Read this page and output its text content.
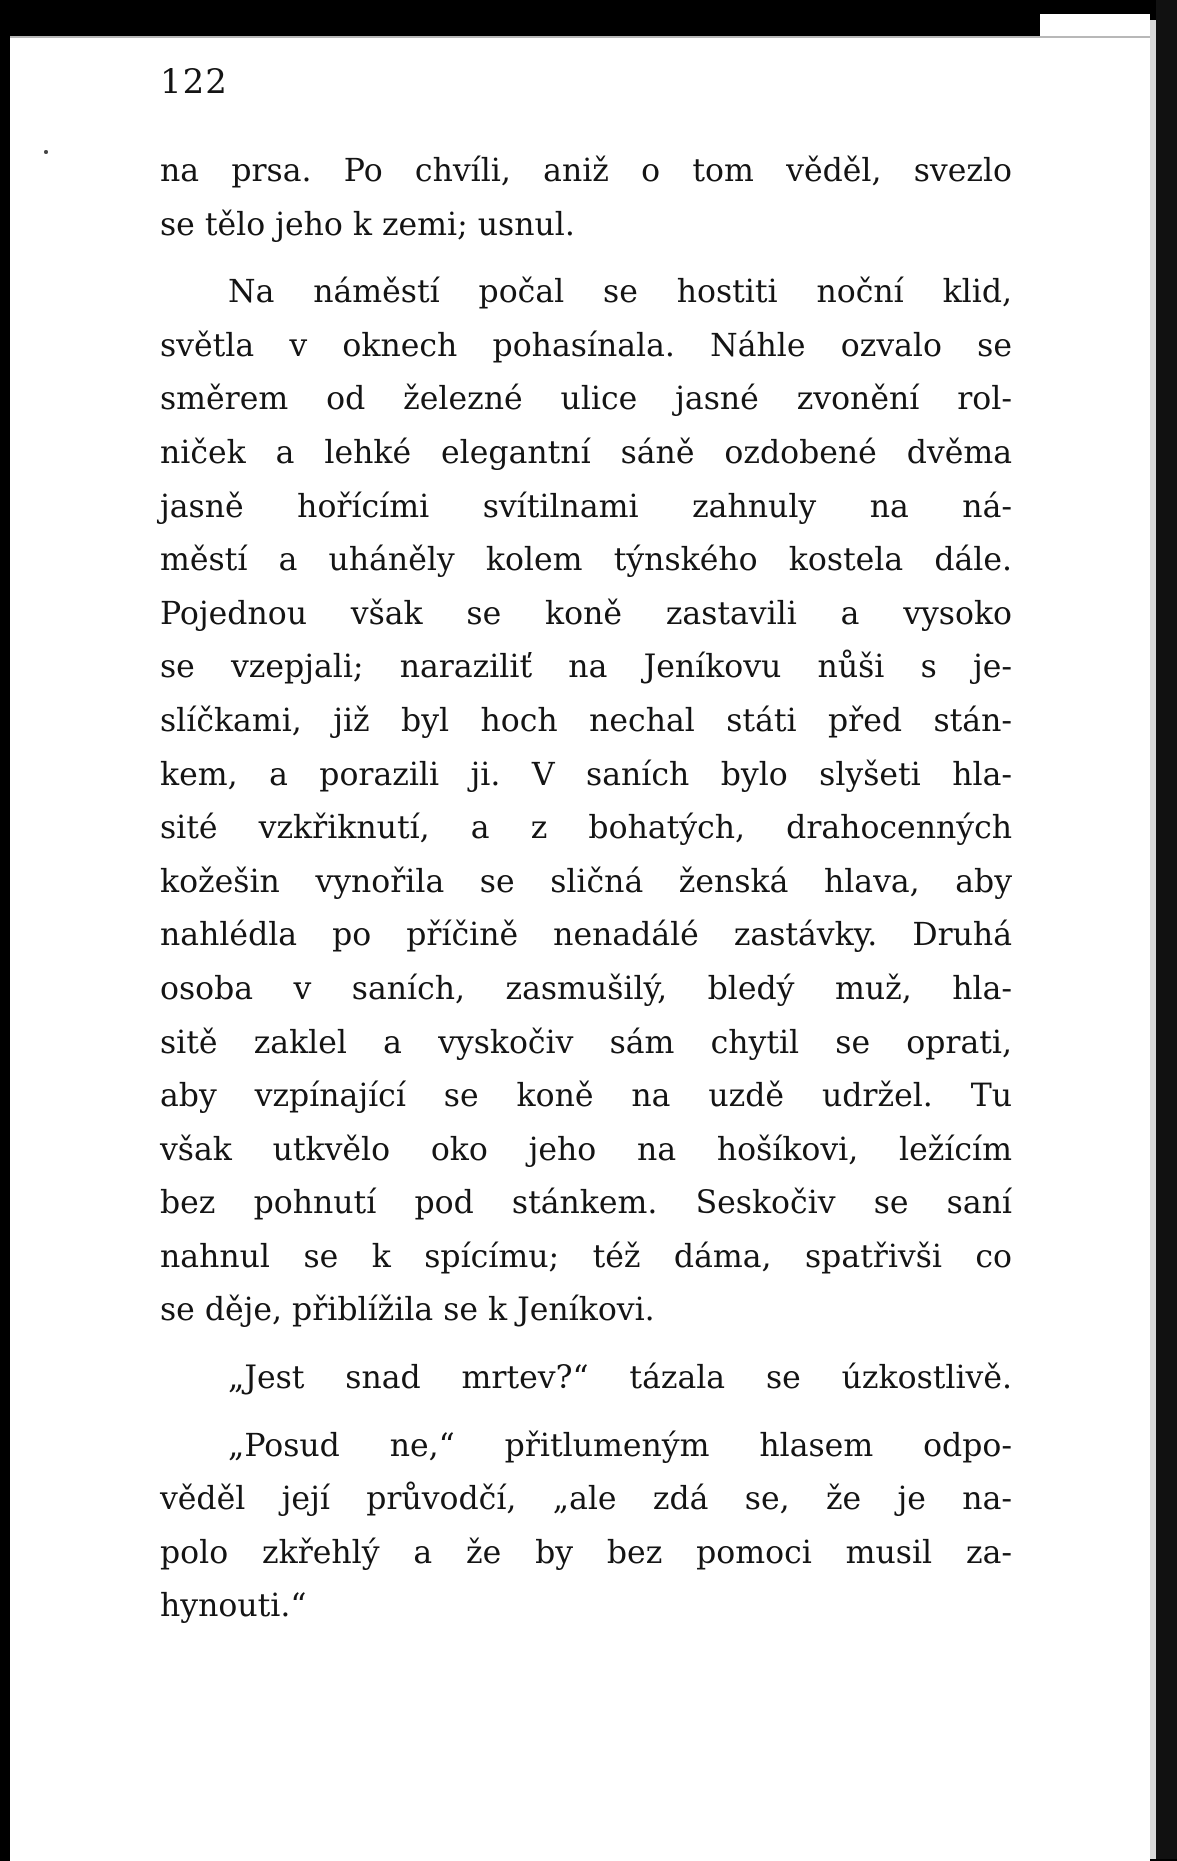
122
na prsa. Po chvíli, aniž o tom věděl, svezlo
se tělo jeho k zemi; usnul.
Na náměstí počal se hostiti noční klid,
světla v oknech pohasínala. Náhle ozvalo se
směrem od železné ulice jasné zvonění rol-
niček a lehké elegantní sáně ozdobené dvěma
jasně hořícími svítilnami zahnuly na ná-
městí a uháněly kolem týnského kostela dále.
Pojednou však se koně zastavili a vysoko
se vzepjali; naraziliť na Jeníkovu nůši s je-
slíčkami, již byl hoch nechal státi před stán-
kem, a porazili ji. V saních bylo slyšeti hla-
sité vzkřiknutí, a z bohatých, drahocenných
kožešin vynořila se sličná ženská hlava, aby
nahlédla po příčině nenadálé zastávky. Druhá
osoba v saních, zasmušilý, bledý muž, hla-
sitě zaklel a vyskočiv sám chytil se oprati,
aby vzpínající se koně na uzdě udržel. Tu
však utkvělo oko jeho na hošíkovi, ležícím
bez pohnutí pod stánkem. Seskočiv se saní
nahnul se k spícímu; též dáma, spatřivši co
se děje, přiblížila se k Jeníkovi.
„Jest snad mrtev?“ tázala se úzkostlivě.
„Posud ne,“ přitlumeným hlasem odpo-
věděl její průvodčí, „ale zdá se, že je na-
polo zkřehlý a že by bez pomoci musil za-
hynouti.“
